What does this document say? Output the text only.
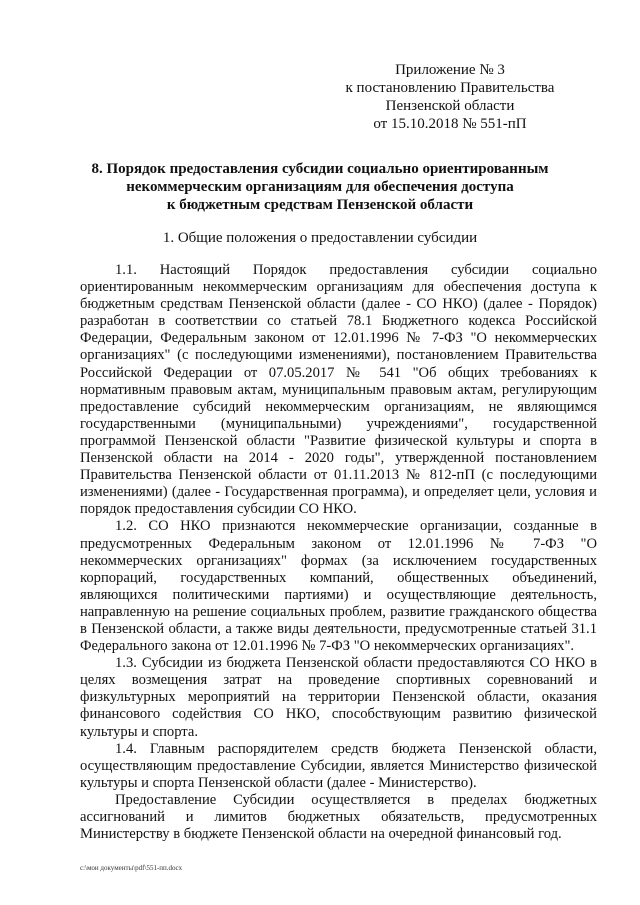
Приложение № 3
к постановлению Правительства
Пензенской области
от 15.10.2018 № 551-пП
8. Порядок предоставления субсидии социально ориентированным
некоммерческим организациям для обеспечения доступа
к бюджетным средствам Пензенской области
1. Общие положения о предоставлении субсидии

1.1. Настоящий Порядок предоставления субсидии социально ориентированным некоммерческим организациям для обеспечения доступа к бюджетным средствам Пензенской области (далее - СО НКО) (далее - Порядок) разработан в соответствии со статьей 78.1 Бюджетного кодекса Российской Федерации, Федеральным законом от 12.01.1996 № 7-ФЗ "О некоммерческих организациях" (с последующими изменениями), постановлением Правительства Российской Федерации от 07.05.2017 № 541 "Об общих требованиях к нормативным правовым актам, муниципальным правовым актам, регулирующим предоставление субсидий некоммерческим организациям, не являющимся государственными (муниципальными) учреждениями", государственной программой Пензенской области "Развитие физической культуры и спорта в Пензенской области на 2014 - 2020 годы", утвержденной постановлением Правительства Пензенской области от 01.11.2013 № 812-пП (с последующими изменениями) (далее - Государственная программа), и определяет цели, условия и порядок предоставления субсидии СО НКО.

1.2. СО НКО признаются некоммерческие организации, созданные в предусмотренных Федеральным законом от 12.01.1996 № 7-ФЗ "О некоммерческих организациях" формах (за исключением государственных корпораций, государственных компаний, общественных объединений, являющихся политическими партиями) и осуществляющие деятельность, направленную на решение социальных проблем, развитие гражданского общества в Пензенской области, а также виды деятельности, предусмотренные статьей 31.1 Федерального закона от 12.01.1996 № 7-ФЗ "О некоммерческих организациях".

1.3. Субсидии из бюджета Пензенской области предоставляются СО НКО в целях возмещения затрат на проведение спортивных соревнований и физкультурных мероприятий на территории Пензенской области, оказания финансового содействия СО НКО, способствующим развитию физической культуры и спорта.

1.4. Главным распорядителем средств бюджета Пензенской области, осуществляющим предоставление Субсидии, является Министерство физической культуры и спорта Пензенской области (далее - Министерство).

Предоставление Субсидии осуществляется в пределах бюджетных ассигнований и лимитов бюджетных обязательств, предусмотренных Министерству в бюджете Пензенской области на очередной финансовый год.

c:\мои документы\pdf\551-пп.docx
